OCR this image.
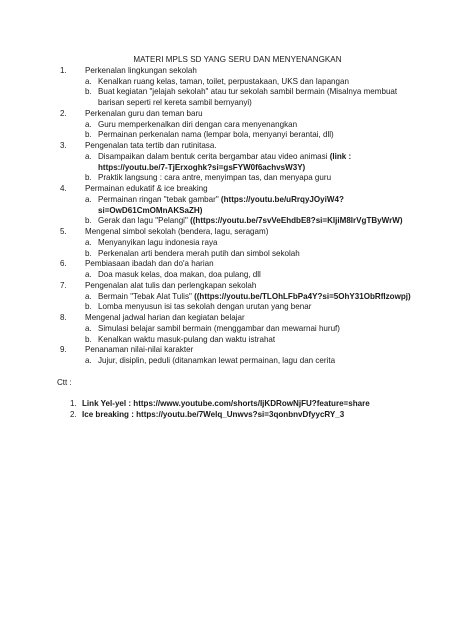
MATERI MPLS SD YANG SERU DAN MENYENANGKAN
1.	Perkenalan lingkungan sekolah
a. Kenalkan ruang kelas, taman, toilet, perpustakaan, UKS dan lapangan
b. Buat kegiatan "jelajah sekolah" atau tur sekolah sambil bermain (Misalnya membuat barisan seperti rel kereta sambil bernyanyi)
2.	Perkenalan guru dan teman baru
a. Guru memperkenalkan diri dengan cara menyenangkan
b. Permainan perkenalan nama (lempar bola, menyanyi berantai, dll)
3.	Pengenalan tata tertib dan rutinitasa.
a. Disampaikan dalam bentuk cerita bergambar atau video animasi (link : https://youtu.be/7-TjErxoghk?si=gsFYW0f6achvsW3Y)
b. Praktik langsung : cara antre, menyimpan tas, dan menyapa guru
4.	Permainan edukatif & ice breaking
a. Permainan ringan "tebak gambar" (https://youtu.be/uRrqyJOyiW4?si=OwD61CmOMnAKSaZH)
b. Gerak dan lagu "Pelangi" ((https://youtu.be/7svVeEhdbE8?si=KljiM8lrVgTByWrW)
5.	Mengenal simbol sekolah (bendera, lagu, seragam)
a. Menyanyikan lagu indonesia raya
b. Perkenalan arti bendera merah putih dan simbol sekolah
6.	Pembiasaan ibadah dan do'a harian
a. Doa masuk kelas, doa makan, doa pulang, dll
7.	Pengenalan alat tulis dan perlengkapan sekolah
a. Bermain "Tebak Alat Tulis" ((https://youtu.be/TLOhLFbPa4Y?si=5OhY31ObRfIzowpj)
b. Lomba menyusun isi tas sekolah dengan urutan yang benar
8.	Mengenal jadwal harian dan kegiatan belajar
a. Simulasi belajar sambil bermain (menggambar dan mewarnai huruf)
b. Kenalkan waktu masuk-pulang dan waktu istrahat
9.	Penanaman nilai-nilai karakter
a. Jujur, disiplin, peduli (ditanamkan lewat permainan, lagu dan cerita
Ctt :
1. Link Yel-yel : https://www.youtube.com/shorts/IjKDRowNjFU?feature=share
2. Ice breaking : https://youtu.be/7Welq_Unwvs?si=3qonbnvDfyycRY_3
